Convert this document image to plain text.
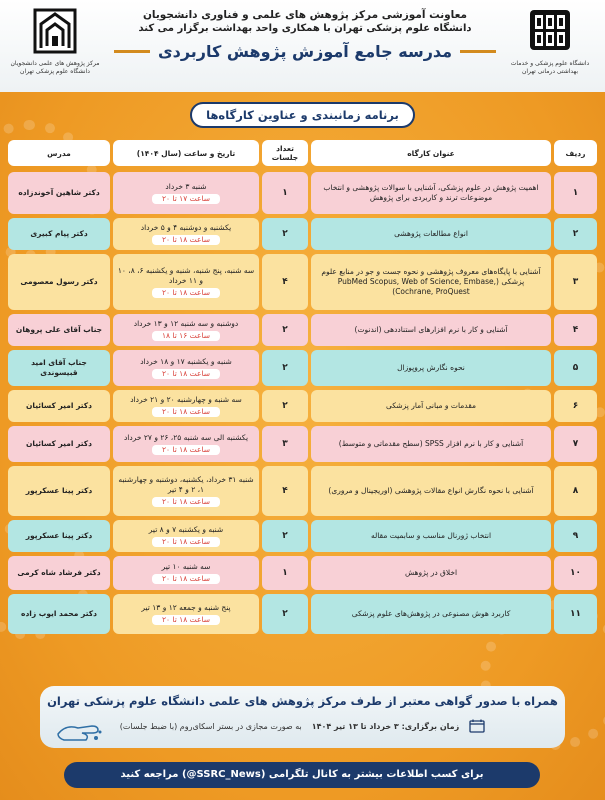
دانشگاه علوم پزشکی و خدمات بهداشتی درمانی تهران
مرکز پژوهش های علمی دانشجویان دانشگاه علوم پزشکی تهران
معاونت آموزشی مرکز پژوهش های علمی و فناوری دانشجویان
دانشگاه علوم پزشکی تهران با همکاری واحد بهداشت برگزار می کند
مدرسه جامع آموزش پژوهش کاربردی
برنامه زمانبندی و عناوین کارگاه‌ها
ردیف
عنوان کارگاه
تعداد جلسات
تاریخ و ساعت (سال ۱۴۰۴)
مدرس
۱
اهمیت پژوهش در علوم پزشکی، آشنایی با سوالات پژوهشی و انتخاب موضوعات ترند و کاربردی برای پژوهش
۱
شنبه ۳ خرداد
ساعت ۱۷ تا ۲۰
دکتر شاهین آخوندزاده
۲
انواع مطالعات پژوهشی
۲
یکشنبه و دوشنبه ۴ و ۵ خرداد
ساعت ۱۸ تا ۲۰
دکتر پیام کبیری
۳
آشنایی با پایگاه‌های معروف پژوهشی و نحوه جست و جو در منابع علوم پزشکی (PubMed Scopus, Web of Science, Embase, Cochrane, ProQuest)
۴
سه شنبه، پنج شنبه، شنبه و یکشنبه ۶، ۸، ۱۰ و ۱۱ خرداد
ساعت ۱۸ تا ۲۰
دکتر رسول معصومی
۴
آشنایی و کار با نرم افزارهای استناددهی (اندنوت)
۲
دوشنبه و سه شنبه ۱۲ و ۱۳ خرداد
ساعت ۱۶ تا ۱۸
جناب آقای علی پروهان
۵
نحوه نگارش پروپوزال
۲
شنبه و یکشنبه ۱۷ و ۱۸ خرداد
ساعت ۱۸ تا ۲۰
جناب آقای امید قبیسوندی
۶
مقدمات و مبانی آمار پزشکی
۲
سه شنبه و چهارشنبه ۲۰ و ۲۱ خرداد
ساعت ۱۸ تا ۲۰
دکتر امیر کسائیان
۷
آشنایی و کار با نرم افزار SPSS (سطح مقدماتی و متوسط)
۳
یکشنبه الی سه شنبه ۲۵، ۲۶ و ۲۷ خرداد
ساعت ۱۸ تا ۲۰
دکتر امیر کسائیان
۸
آشنایی با نحوه نگارش انواع مقالات پژوهشی (اوریجینال و مروری)
۴
شنبه ۳۱ خرداد، یکشنبه، دوشنبه و چهارشنبه ۱، ۲ و ۴ تیر
ساعت ۱۸ تا ۲۰
دکتر پینا عسکرپور
۹
انتخاب ژورنال مناسب و سابمیت مقاله
۲
شنبه و یکشنبه ۷ و ۸ تیر
ساعت ۱۸ تا ۲۰
دکتر پینا عسکرپور
۱۰
اخلاق در پژوهش
۱
سه شنبه ۱۰ تیر
ساعت ۱۸ تا ۲۰
دکتر فرشاد شاه کرمی
۱۱
کاربرد هوش مصنوعی در پژوهش‌های علوم پزشکی
۲
پنج شنبه و جمعه ۱۲ و ۱۳ تیر
ساعت ۱۸ تا ۲۰
دکتر محمد ایوب زاده
همراه با صدور گواهی معتبر از طرف مرکز پژوهش های علمی دانشگاه علوم پزشکی تهران
زمان برگزاری: ۳ خرداد تا ۱۳ تیر ۱۴۰۴
به صورت مجازی در بستر اسکای‌روم (با ضبط جلسات)
برای کسب اطلاعات بیشتر به کانال تلگرامی (SSRC_News@) مراجعه کنید
